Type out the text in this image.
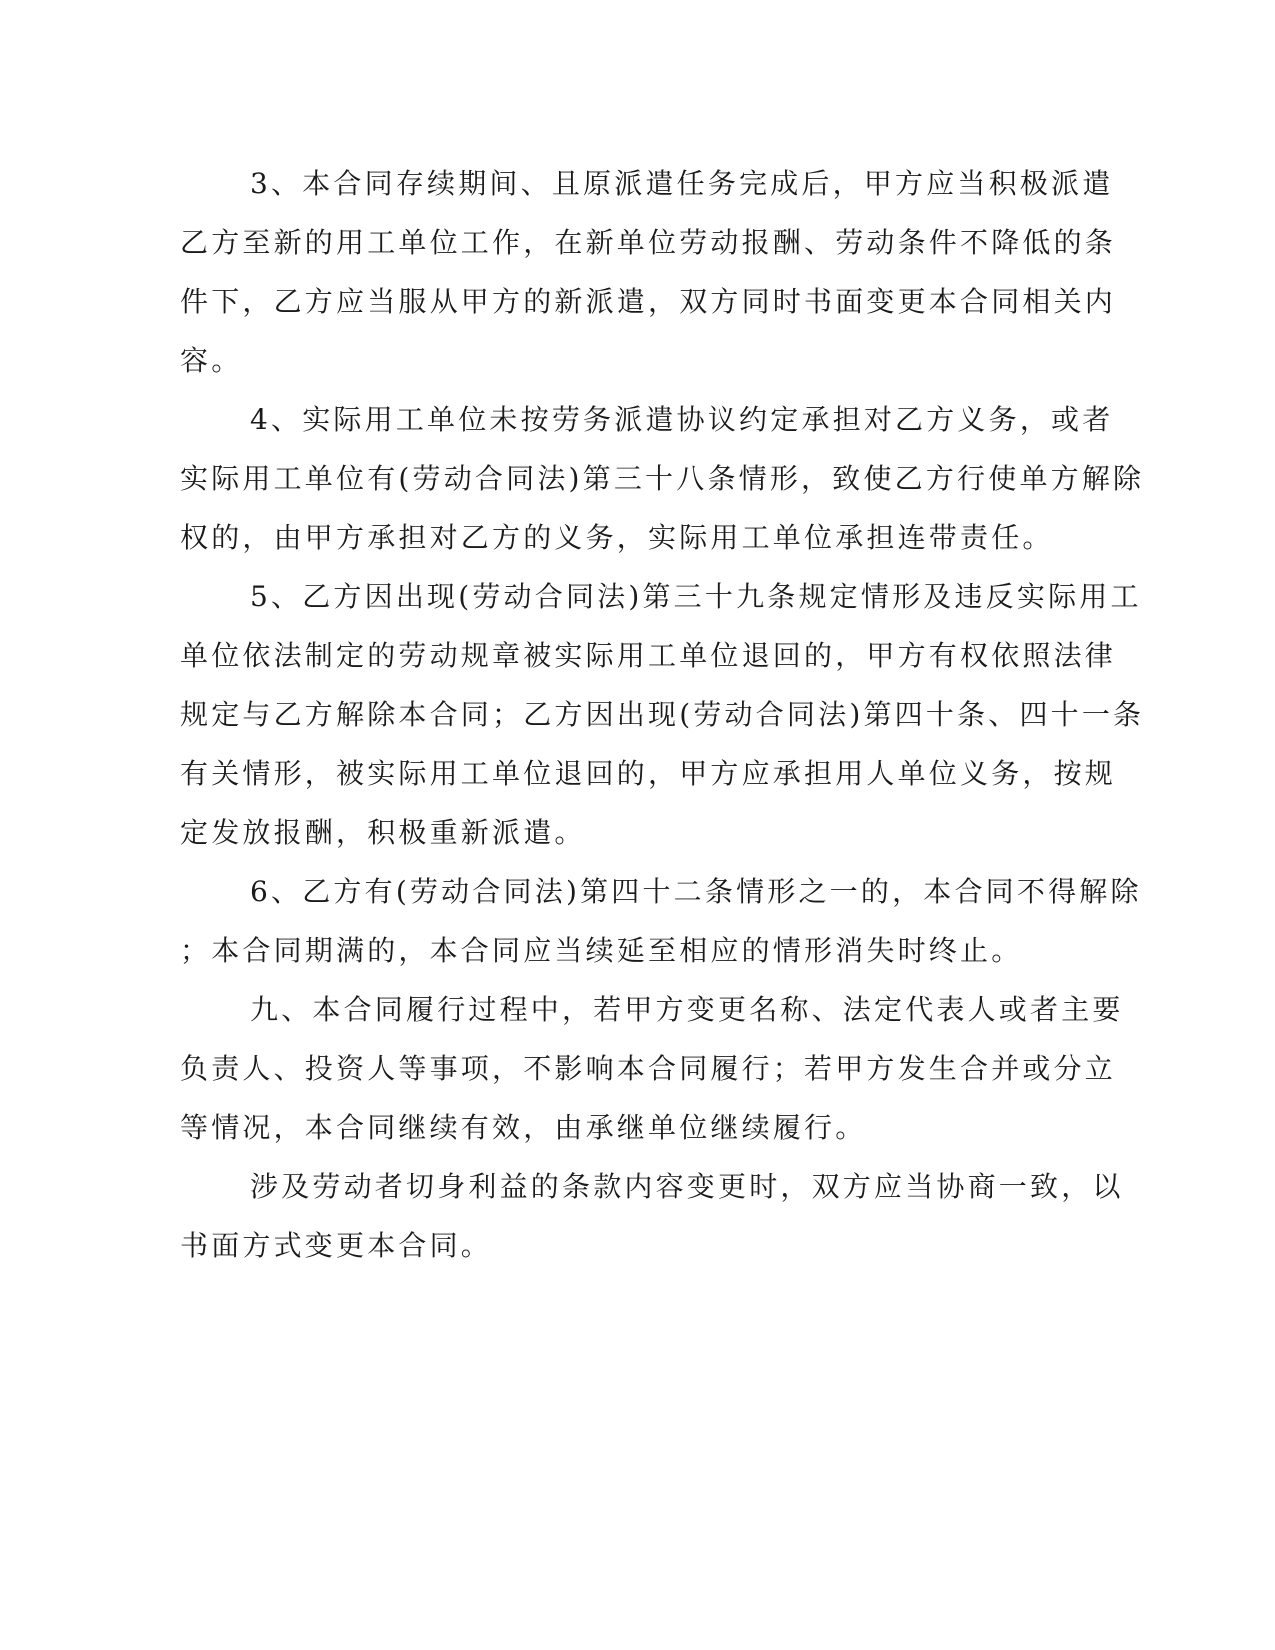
3、本合同存续期间、且原派遣任务完成后，甲方应当积极派遣
乙方至新的用工单位工作，在新单位劳动报酬、劳动条件不降低的条
件下，乙方应当服从甲方的新派遣，双方同时书面变更本合同相关内
容。
4、实际用工单位未按劳务派遣协议约定承担对乙方义务，或者
实际用工单位有(劳动合同法)第三十八条情形，致使乙方行使单方解除
权的，由甲方承担对乙方的义务，实际用工单位承担连带责任。
5、乙方因出现(劳动合同法)第三十九条规定情形及违反实际用工
单位依法制定的劳动规章被实际用工单位退回的，甲方有权依照法律
规定与乙方解除本合同；乙方因出现(劳动合同法)第四十条、四十一条
有关情形，被实际用工单位退回的，甲方应承担用人单位义务，按规
定发放报酬，积极重新派遣。
6、乙方有(劳动合同法)第四十二条情形之一的，本合同不得解除
；本合同期满的，本合同应当续延至相应的情形消失时终止。
九、本合同履行过程中，若甲方变更名称、法定代表人或者主要
负责人、投资人等事项，不影响本合同履行；若甲方发生合并或分立
等情况，本合同继续有效，由承继单位继续履行。
涉及劳动者切身利益的条款内容变更时，双方应当协商一致，以
书面方式变更本合同。
